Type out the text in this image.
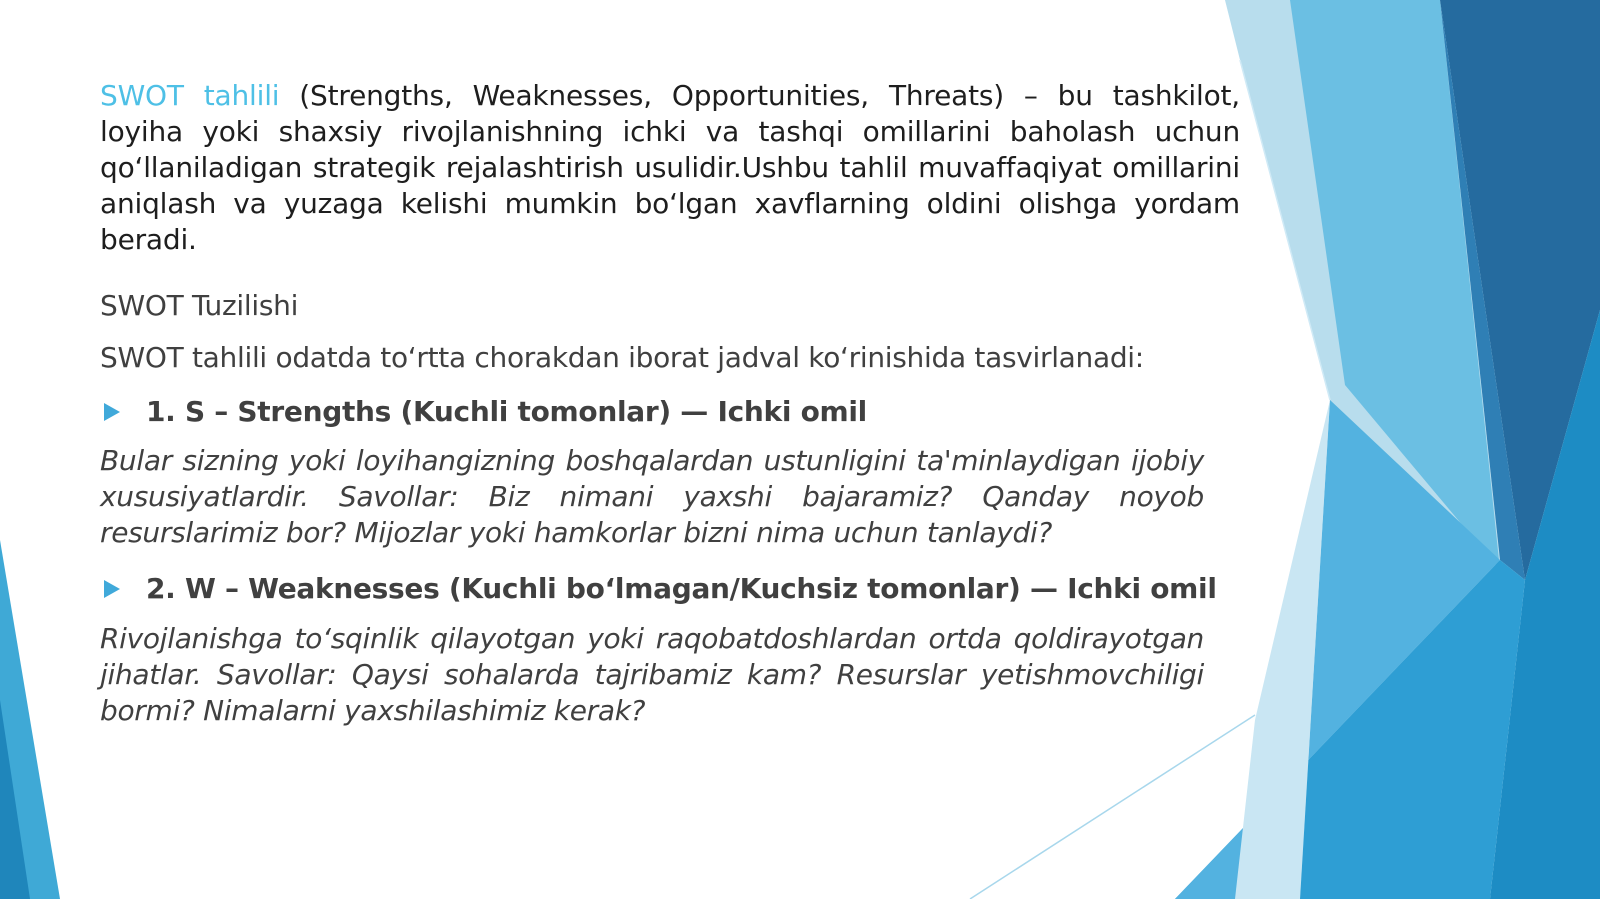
SWOT tahlili (Strengths, Weaknesses, Opportunities, Threats) – bu tashkilot, loyiha yoki shaxsiy rivojlanishning ichki va tashqi omillarini baholash uchun qo‘llaniladigan strategik rejalashtirish usulidir.Ushbu tahlil muvaffaqiyat omillarini aniqlash va yuzaga kelishi mumkin bo‘lgan xavflarning oldini olishga yordam beradi.

SWOT Tuzilishi

SWOT tahlili odatda to‘rtta chorakdan iborat jadval ko‘rinishida tasvirlanadi:

1. S – Strengths (Kuchli tomonlar) — Ichki omil

Bular sizning yoki loyihangizning boshqalardan ustunligini ta'minlaydigan ijobiy xususiyatlardir. Savollar: Biz nimani yaxshi bajaramiz? Qanday noyob resurslarimiz bor? Mijozlar yoki hamkorlar bizni nima uchun tanlaydi?

2. W – Weaknesses (Kuchli bo‘lmagan/Kuchsiz tomonlar) — Ichki omil

Rivojlanishga to‘sqinlik qilayotgan yoki raqobatdoshlardan ortda qoldirayotgan jihatlar. Savollar: Qaysi sohalarda tajribamiz kam? Resurslar yetishmovchiligi bormi? Nimalarni yaxshilashimiz kerak?
